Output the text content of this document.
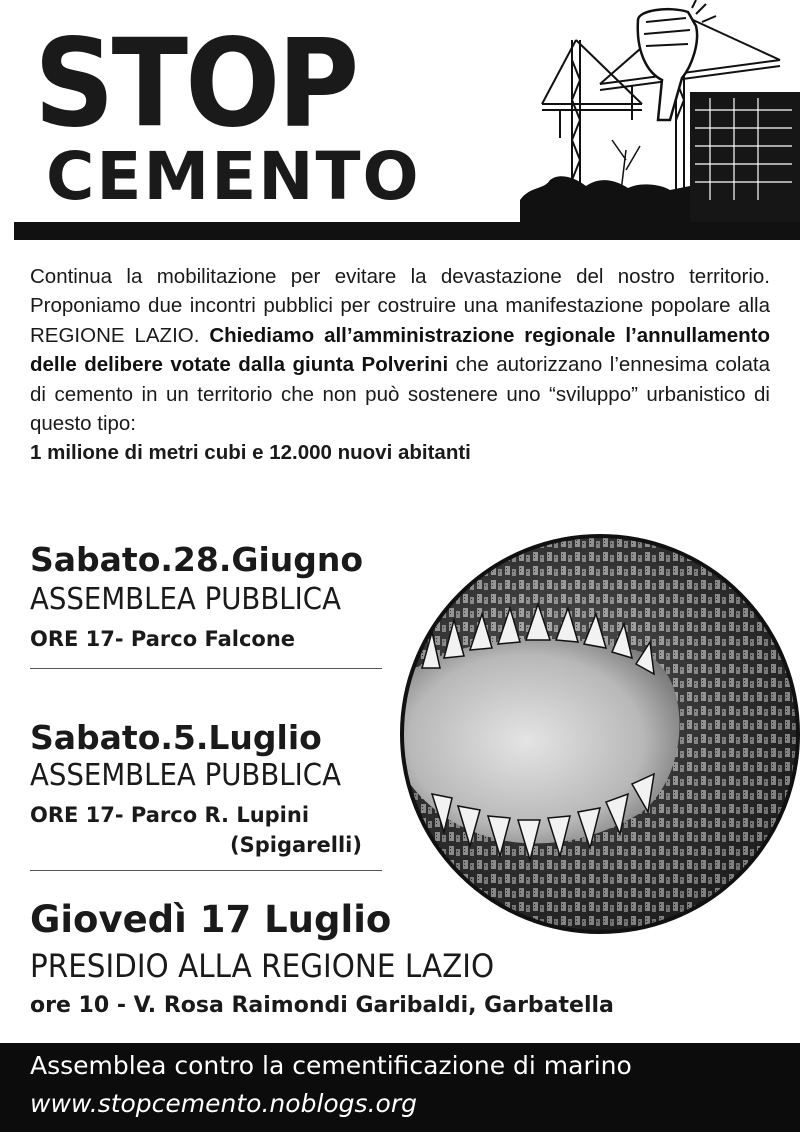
STOP
CEMENTO

Continua la mobilitazione per evitare la devastazione del nostro territorio. Proponiamo due incontri pubblici per costruire una manifestazione popolare alla REGIONE LAZIO. Chiediamo all’amministrazione regionale l’annullamento delle delibere votate dalla giunta Polverini che autorizzano l’ennesima colata di cemento in un territorio che non può sostenere uno “sviluppo” urbanistico di questo tipo:
1 milione di metri cubi e 12.000 nuovi abitanti

Sabato.28.Giugno

ASSEMBLEA PUBBLICA

ORE 17- Parco Falcone

Sabato.5.Luglio

ASSEMBLEA PUBBLICA

ORE 17- Parco R. Lupini

(Spigarelli)

Giovedì 17 Luglio

PRESIDIO ALLA REGIONE LAZIO

ore 10 - V. Rosa Raimondi Garibaldi, Garbatella

Assemblea contro la cementificazione di marino

www.stopcemento.noblogs.org
